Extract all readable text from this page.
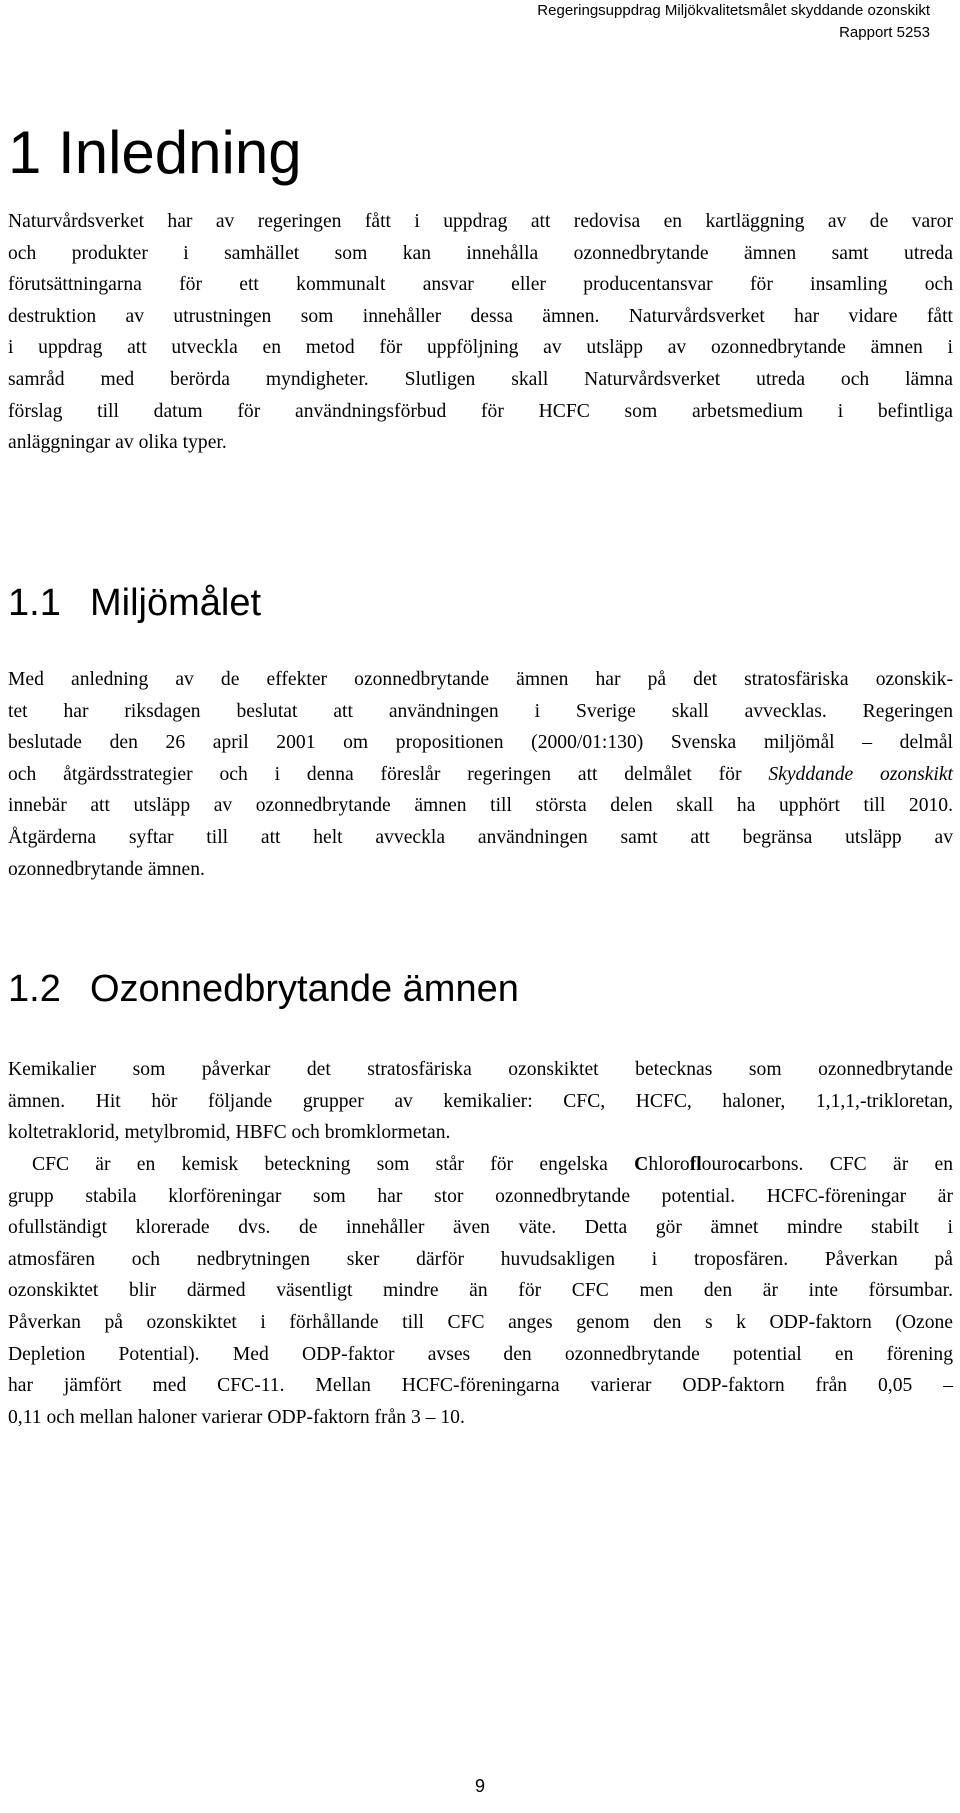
Regeringsuppdrag Miljökvalitetsmålet skyddande ozonskikt
Rapport 5253
1 Inledning
Naturvårdsverket har av regeringen fått i uppdrag att redovisa en kartläggning av de varor
och produkter i samhället som kan innehålla ozonnedbrytande ämnen samt utreda
förutsättningarna för ett kommunalt ansvar eller producentansvar för insamling och
destruktion av utrustningen som innehåller dessa ämnen. Naturvårdsverket har vidare fått
i uppdrag att utveckla en metod för uppföljning av utsläpp av ozonnedbrytande ämnen i
samråd med berörda myndigheter. Slutligen skall Naturvårdsverket utreda och lämna
förslag till datum för användningsförbud för HCFC som arbetsmedium i befintliga
anläggningar av olika typer.
1.1 Miljömålet
Med anledning av de effekter ozonnedbrytande ämnen har på det stratosfäriska ozonskik-
tet har riksdagen beslutat att användningen i Sverige skall avvecklas. Regeringen
beslutade den 26 april 2001 om propositionen (2000/01:130) Svenska miljömål – delmål
och åtgärdsstrategier och i denna föreslår regeringen att delmålet för Skyddande ozonskikt
innebär att utsläpp av ozonnedbrytande ämnen till största delen skall ha upphört till 2010.
Åtgärderna syftar till att helt avveckla användningen samt att begränsa utsläpp av
ozonnedbrytande ämnen.
1.2 Ozonnedbrytande ämnen
Kemikalier som påverkar det stratosfäriska ozonskiktet betecknas som ozonnedbrytande
ämnen. Hit hör följande grupper av kemikalier: CFC, HCFC, haloner, 1,1,1,-trikloretan,
koltetraklorid, metylbromid, HBFC och bromklormetan.
CFC är en kemisk beteckning som står för engelska Chloroflourocarbons. CFC är en
grupp stabila klorföreningar som har stor ozonnedbrytande potential. HCFC-föreningar är
ofullständigt klorerade dvs. de innehåller även väte. Detta gör ämnet mindre stabilt i
atmosfären och nedbrytningen sker därför huvudsakligen i troposfären. Påverkan på
ozonskiktet blir därmed väsentligt mindre än för CFC men den är inte försumbar.
Påverkan på ozonskiktet i förhållande till CFC anges genom den s k ODP-faktorn (Ozone
Depletion Potential). Med ODP-faktor avses den ozonnedbrytande potential en förening
har jämfört med CFC-11. Mellan HCFC-föreningarna varierar ODP-faktorn från 0,05 –
0,11 och mellan haloner varierar ODP-faktorn från 3 – 10.
9
